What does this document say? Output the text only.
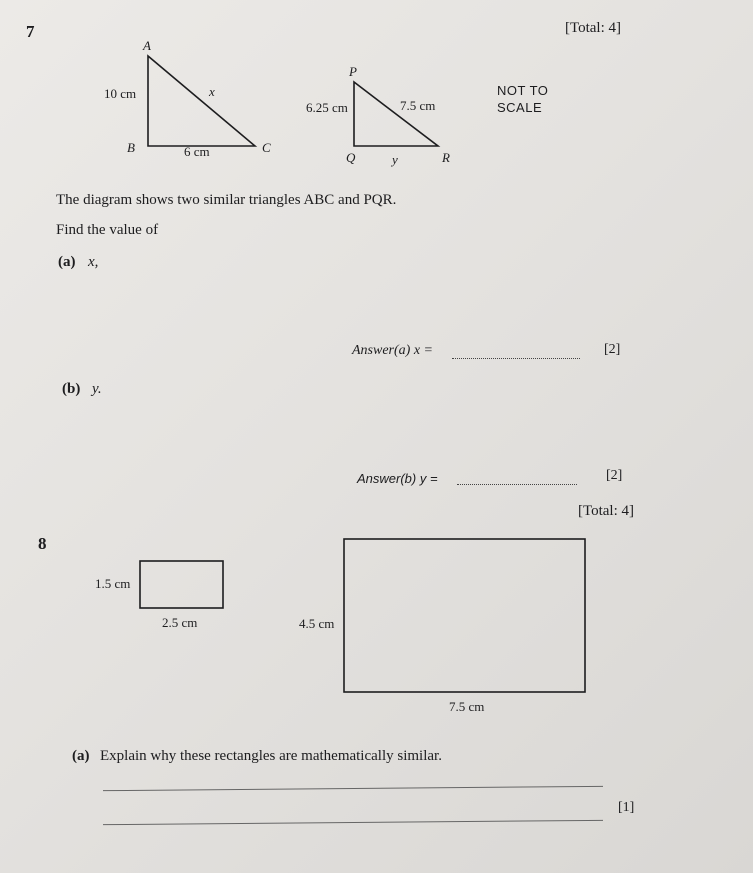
7	[Total: 4]
A
B	C
10 cm	x
6 cm
P
Q	R
6.25 cm	7.5 cm
y
NOT TO
SCALE
The diagram shows two similar triangles ABC and PQR.
Find the value of
(a) x,
Answer(a) x =	[2]
(b) y.
Answer(b) y =	[2]
[Total: 4]
8
1.5 cm
2.5 cm	4.5 cm
7.5 cm
(a) Explain why these rectangles are mathematically similar.
[1]
